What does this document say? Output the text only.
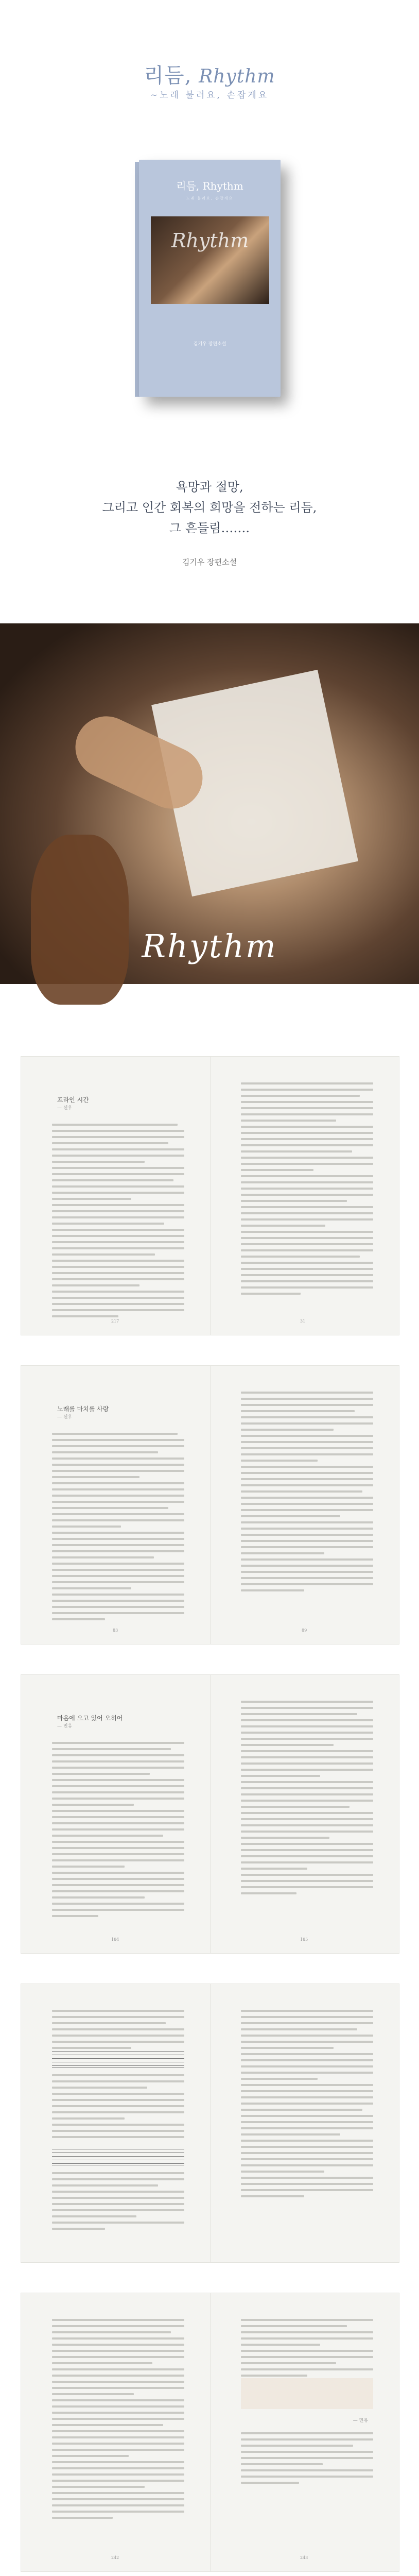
리듬, Rhythm
~노래 불러요, 손잡게요
리듬, Rhythm
노래 불러요, 손잡게요
Rhythm
김기우 장편소설
욕망과 절망,
그리고 인간 회복의 희망을 전하는 리듬,
그 흔들림…….
김기우 장편소설
Rhythm
프라인 시간
— 선우
217	31
노래를 마치를 사랑
— 선우
83	89
마음에 오고 있어 오히어
— 민유
184	185
242
— 민유
243
